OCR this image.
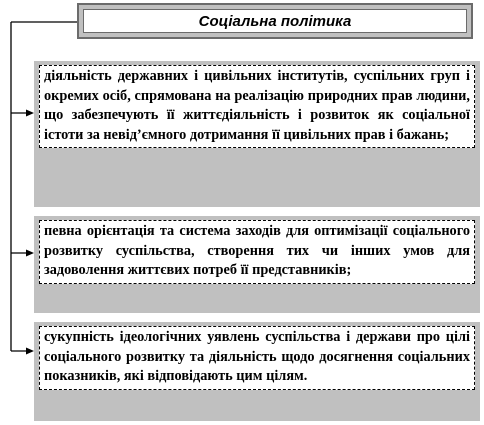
Соціальна політика

діяльність державних і цивільних інститутів, суспільних груп і окремих осіб, спрямована на реалізацію природних прав людини, що забезпечують її життєдіяльність і розвиток як соціальної істоти за невід’ємного дотримання її цивільних прав і бажань;

певна орієнтація та система заходів для оптимізації соціального розвитку суспільства, створення тих чи інших умов для задоволення життєвих потреб її представників;

сукупність ідеологічних уявлень суспільства і держави про цілі соціального розвитку та діяльність щодо досягнення соціальних показників, які відповідають цим цілям.
